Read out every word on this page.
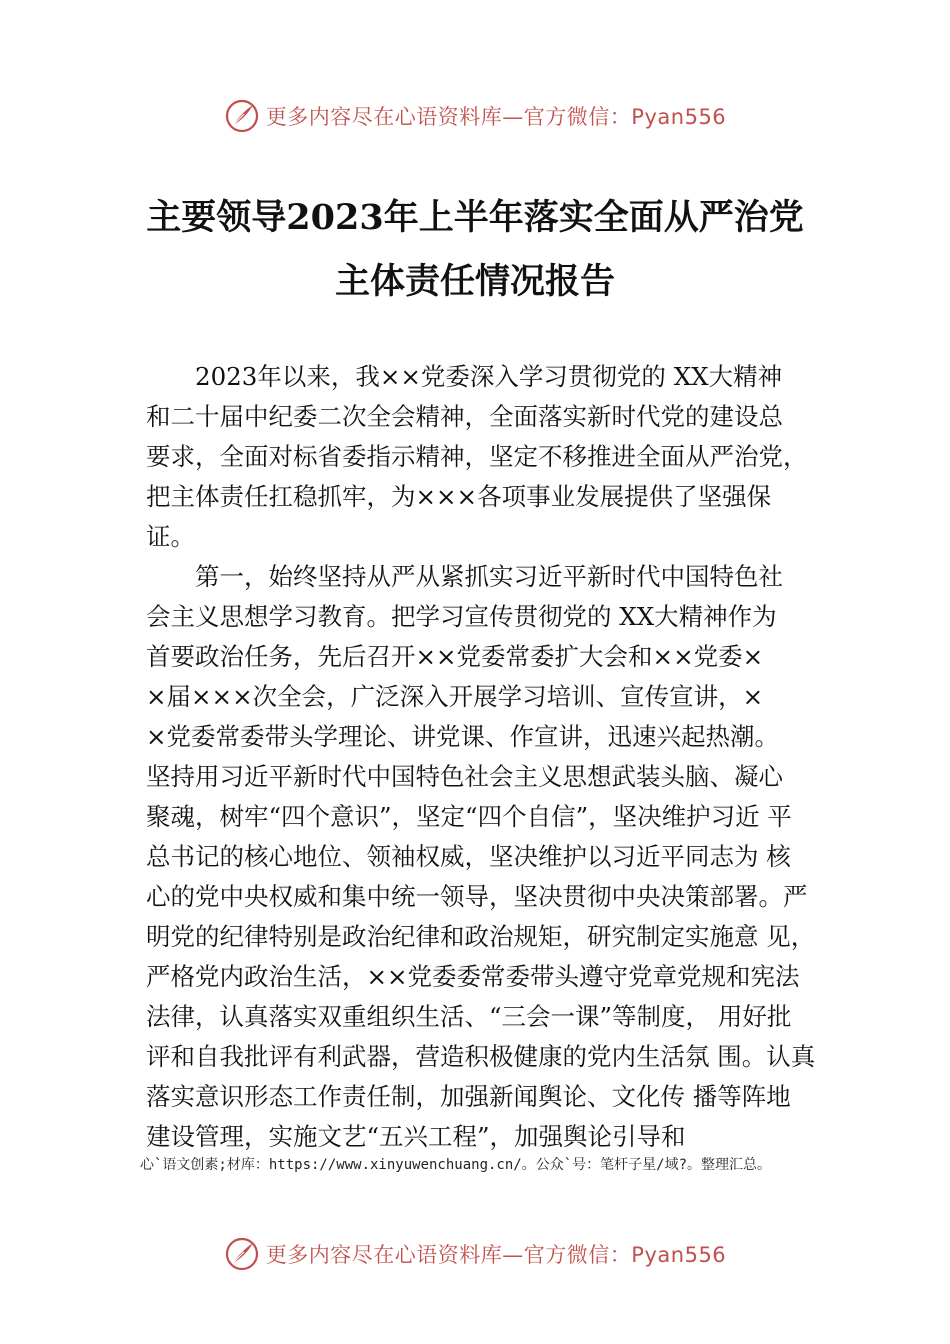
更多内容尽在心语资料库—官方微信：Pyan556
主要领导2023年上半年落实全面从严治党
主体责任情况报告
2023年以来，我××党委深入学习贯彻党的 XX大精神
和二十届中纪委二次全会精神，全面落实新时代党的建设总
要求，全面对标省委指示精神，坚定不移推进全面从严治党，
把主体责任扛稳抓牢，为×××各项事业发展提供了坚强保
证。
第一，始终坚持从严从紧抓实习近平新时代中国特色社
会主义思想学习教育。把学习宣传贯彻党的 XX大精神作为
首要政治任务，先后召开××党委常委扩大会和××党委×
×届×××次全会，广泛深入开展学习培训、宣传宣讲，×
×党委常委带头学理论、讲党课、作宣讲，迅速兴起热潮。
坚持用习近平新时代中国特色社会主义思想武装头脑、凝心
聚魂，树牢“四个意识”，坚定“四个自信”，坚决维护习近 平
总书记的核心地位、领袖权威，坚决维护以习近平同志为 核
心的党中央权威和集中统一领导，坚决贯彻中央决策部署。严
明党的纪律特别是政治纪律和政治规矩，研究制定实施意 见，
严格党内政治生活，××党委委常委带头遵守党章党规和宪法
法律，认真落实双重组织生活、“三会一课”等制度， 用好批
评和自我批评有利武器，营造积极健康的党内生活氛 围。认真
落实意识形态工作责任制，加强新闻舆论、文化传 播等阵地
建设管理，实施文艺“五兴工程”，加强舆论引导和
心`语文创素;材库：https://www.xinyuwenchuang.cn/。公众`号：笔杆子星/域?。整理汇总。
更多内容尽在心语资料库—官方微信：Pyan556
